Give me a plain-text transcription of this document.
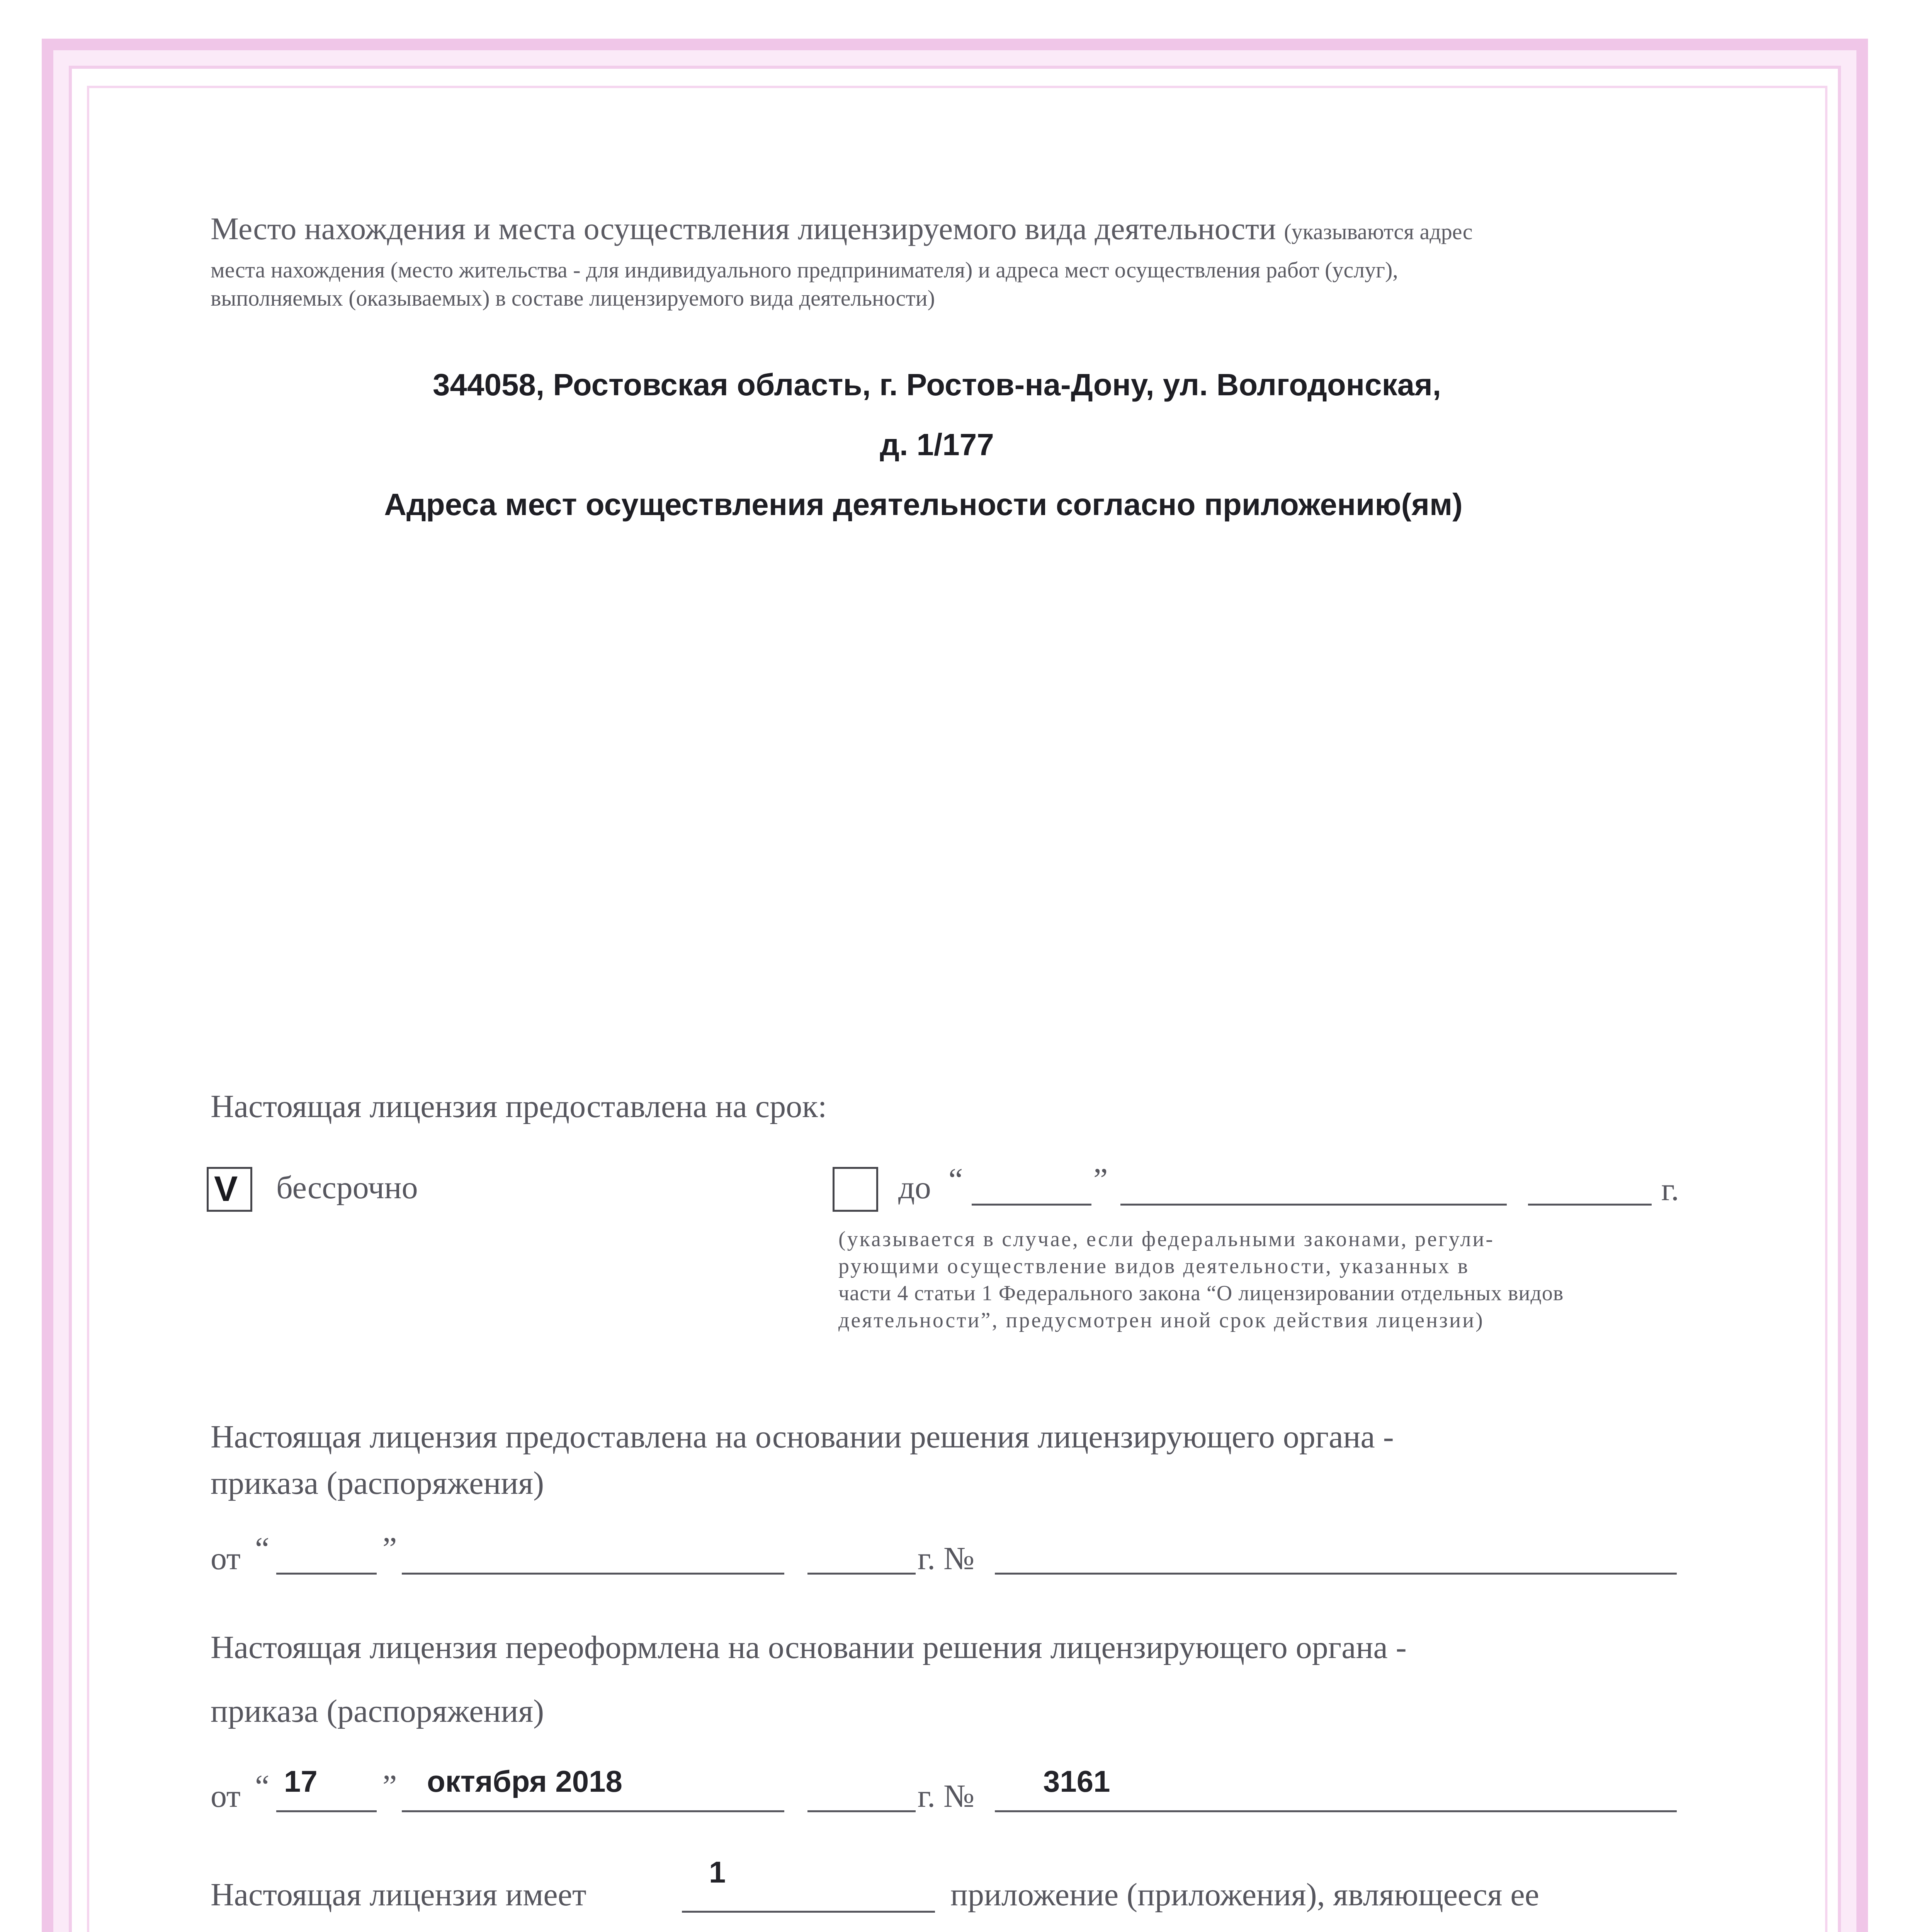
Место нахождения и места осуществления лицензируемого вида деятельности (указываются адрес
места нахождения (место жительства - для индивидуального предпринимателя) и адреса мест осуществления работ (услуг),
выполняемых (оказываемых) в составе лицензируемого вида деятельности)
344058, Ростовская область, г. Ростов-на-Дону, ул. Волгодонская,
д. 1/177
Адреса мест осуществления деятельности согласно приложению(ям)
Настоящая лицензия предоставлена на срок:
V бессрочно	до “	”	г.
(указывается в случае, если федеральными законами, регули-
рующими осуществление видов деятельности, указанных в
части 4 статьи 1 Федерального закона “О лицензировании отдельных видов
деятельности”, предусмотрен иной срок действия лицензии)
Настоящая лицензия предоставлена на основании решения лицензирующего органа -
приказа (распоряжения)
от “	”	г. №
Настоящая лицензия переоформлена на основании решения лицензирующего органа -
приказа (распоряжения)
от “ 17 ” октября 2018	г. № 3161
Настоящая лицензия имеет
1
приложение (приложения), являющееся ее
